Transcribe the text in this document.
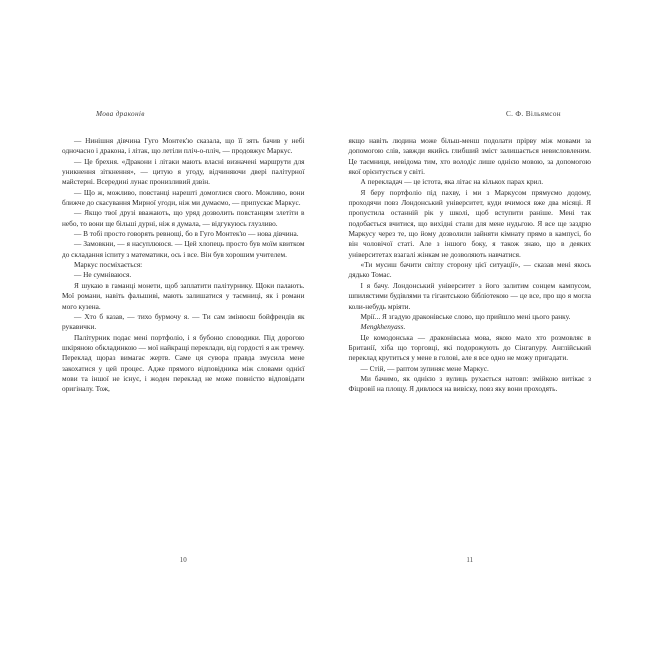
Мова драконів

— Нинішня дівчина Гуго Монтек'ю сказала, що її зять бачив у небі одночасно і дракона, і літак, що летіли пліч-о-пліч, — продовжує Маркус.

— Це брехня. «Дракони і літаки мають власні визначені маршрути для уникнення зіткнення», — цитую я угоду, відчиняючи двері палітурної майстерні. Всередині лунає пронизливий дзвін.

— Що ж, можливо, повстанці нарешті домоглися свого. Можливо, вони ближче до скасування Мирної угоди, ніж ми думаємо, — припускає Маркус.

— Якщо твої друзі вважають, що уряд дозволить повстанцям злетіти в небо, то вони ще більші дурні, ніж я думала, — відгукуюсь глузливо.

— В тобі просто говорять ревнощі, бо в Гуго Монтек'ю — нова дівчина.

— Замовкни, — я насуплююся. — Цей хлопець просто був моїм квитком до складання іспиту з математики, ось і все. Він був хорошим учителем.

Маркус посміхається:

— Не сумніваюся.

Я шукаю в гаманці монети, щоб заплатити палітурнику. Щоки палають. Мої романи, навіть фальшиві, мають залишатися у таємниці, як і романи мого кузена.

— Хто б казав, — тихо бурмочу я. — Ти сам змінюєш бойфрендів як рукавички.

Палітурник подає мені портфоліо, і я бубоню словодики. Під дорогою шкіряною обкладинкою — мої найкращі переклади, від гордості я аж тремчу. Переклад щораз вимагає жертв. Саме ця сувора правда змусила мене закохатися у цей процес. Адже прямого відповідника між словами однієї мови та іншої не існує, і жоден переклад не може повністю відповідати оригіналу. Тож,

10
С. Ф. Вільямсон

якщо навіть людина може більш-менш подолати прірву між мовами за допомогою слів, завжди якийсь глибший зміст залишається невисловленим. Це таємниця, невідома тим, хто володіє лише однією мовою, за допомогою якої орієнтується у світі.

А перекладач — це істота, яка літає на кількох парах крил.

Я беру портфоліо під пахву, і ми з Маркусом прямуємо додому, проходячи повз Лондонський університет, куди вчимося вже два місяці. Я пропустила останній рік у школі, щоб вступити раніше. Мені так подобається вчитися, що вихідні стали для мене нудьгою. Я все ще заздрю Маркусу через те, що йому дозволили зайняти кімнату прямо в кампусі, бо він чоловічої статі. Але з іншого боку, я також знаю, що в деяких університетах взагалі жінкам не дозволяють навчатися.

«Ти мусиш бачити світлу сторону цієї ситуації», — сказав мені якось дядько Томас.

І я бачу. Лондонський університет з його залитим сонцем кампусом, шпилястими будівлями та гігантською бібліотекою — це все, про що я могла коли-небудь мріяти.

Мрії... Я згадую драконівське слово, що прийшло мені цього ранку.

Mengkhenyass.

Це комодонська — драконівська мова, якою мало хто розмовляє в Британії, хіба що торговці, які подорожують до Сінгапуру. Англійський переклад крутиться у мене в голові, але я все одно не можу пригадати.

— Стій, — раптом зупиняє мене Маркус.

Ми бачимо, як однією з вулиць рухається натовп: змійкою витікає з Фіцровії на площу. Я дивлюся на вивіску, повз яку вони проходять.

11
